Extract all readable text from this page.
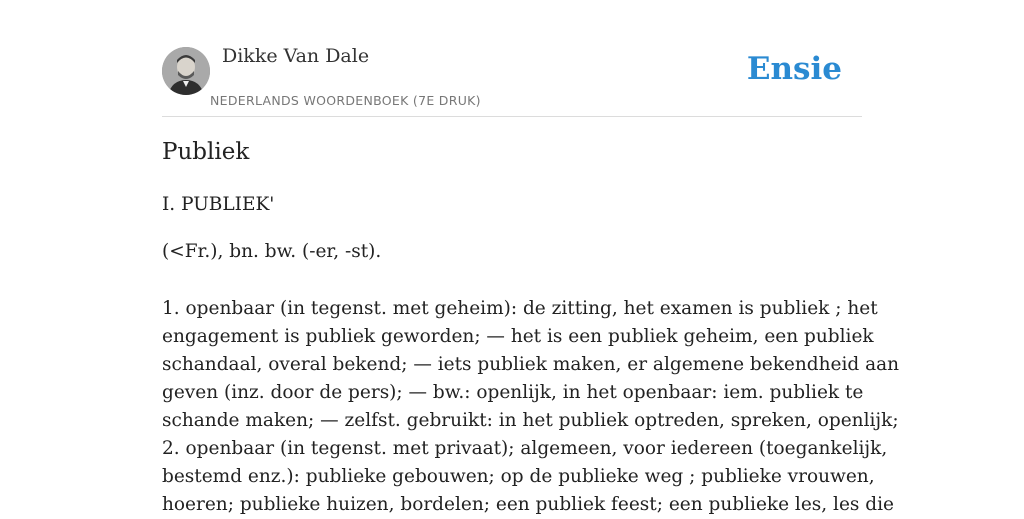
Dikke Van Dale
NEDERLANDS WOORDENBOEK (7E DRUK)
Ensie
Publiek
I. PUBLIEK'
(<Fr.), bn. bw. (-er, -st).
1. openbaar (in tegenst. met geheim): de zitting, het examen is publiek ; het
engagement is publiek geworden; — het is een publiek geheim, een publiek
schandaal, overal bekend; — iets publiek maken, er algemene bekendheid aan
geven (inz. door de pers); — bw.: openlijk, in het openbaar: iem. publiek te
schande maken; — zelfst. gebruikt: in het publiek optreden, spreken, openlijk;
2. openbaar (in tegenst. met privaat); algemeen, voor iedereen (toegankelijk,
bestemd enz.): publieke gebouwen; op de publieke weg ; publieke vrouwen,
hoeren; publieke huizen, bordelen; een publiek feest; een publieke les, les die
